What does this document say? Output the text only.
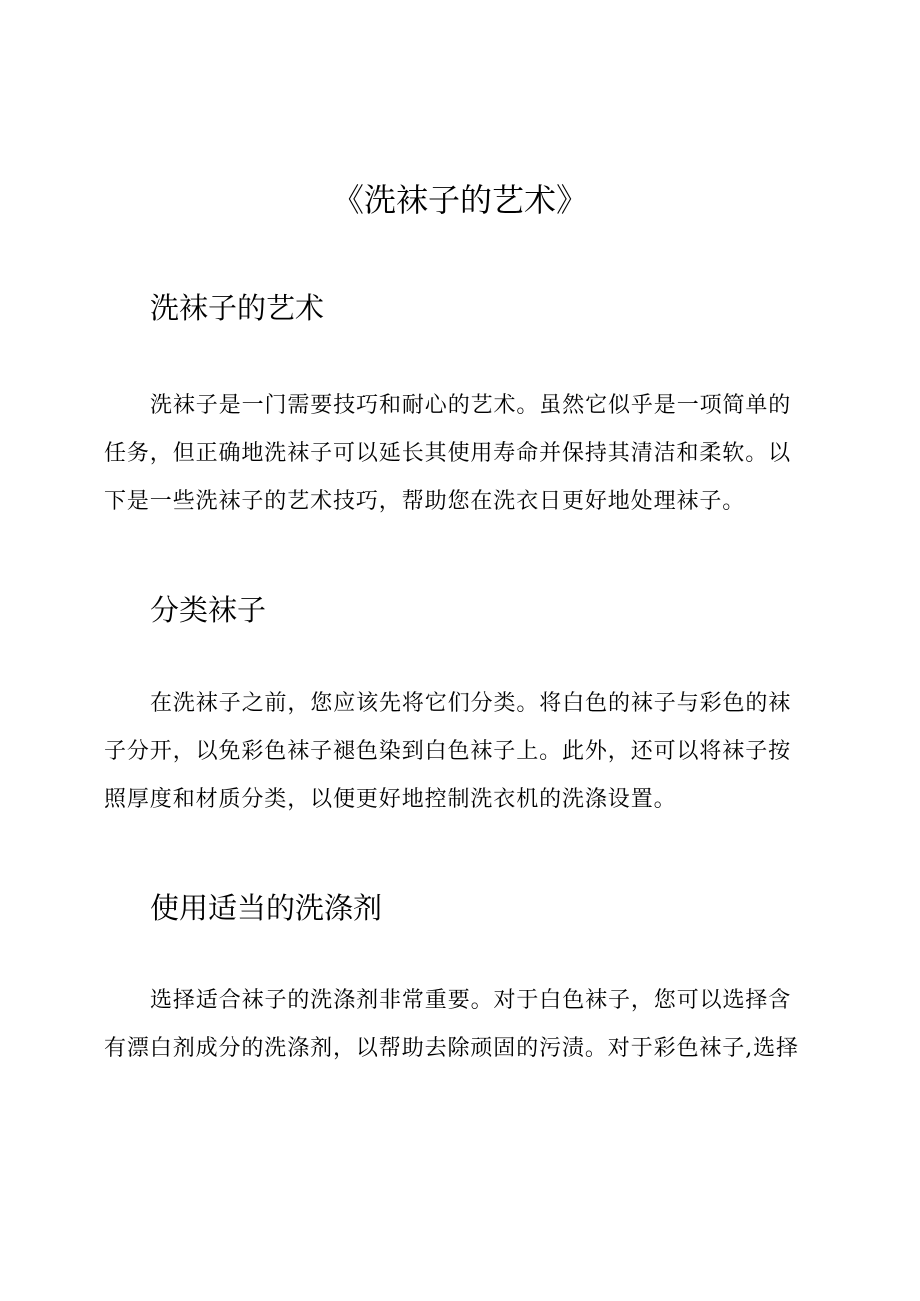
《洗袜子的艺术》
洗袜子的艺术
洗袜子是一门需要技巧和耐心的艺术。虽然它似乎是一项简单的
任务，但正确地洗袜子可以延长其使用寿命并保持其清洁和柔软。以
下是一些洗袜子的艺术技巧，帮助您在洗衣日更好地处理袜子。
分类袜子
在洗袜子之前，您应该先将它们分类。将白色的袜子与彩色的袜
子分开，以免彩色袜子褪色染到白色袜子上。此外，还可以将袜子按
照厚度和材质分类，以便更好地控制洗衣机的洗涤设置。
使用适当的洗涤剂
选择适合袜子的洗涤剂非常重要。对于白色袜子，您可以选择含
有漂白剂成分的洗涤剂，以帮助去除顽固的污渍。对于彩色袜子,选择
